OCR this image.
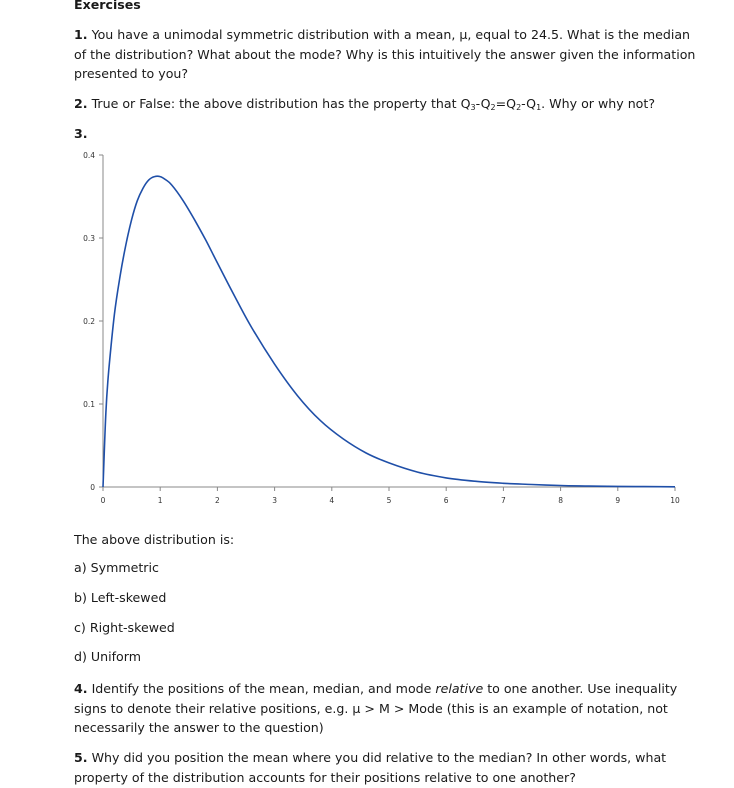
Exercises
1. You have a unimodal symmetric distribution with a mean, μ, equal to 24.5. What is the median of the distribution? What about the mode? Why is this intuitively the answer given the information presented to you?
2. True or False: the above distribution has the property that $Q_3-Q_2=Q_2-Q_1$. Why or why not?
3.
0
0.1
0.2
0.3
0.4
0	1	2	3	4	5	6	7	8	9	10
The above distribution is:
a) Symmetric
b) Left-skewed
c) Right-skewed
d) Uniform
4. Identify the positions of the mean, median, and mode relative to one another. Use inequality signs to denote their relative positions, e.g. μ > M > Mode (this is an example of notation, not necessarily the answer to the question)
5. Why did you position the mean where you did relative to the median? In other words, what property of the distribution accounts for their positions relative to one another?
